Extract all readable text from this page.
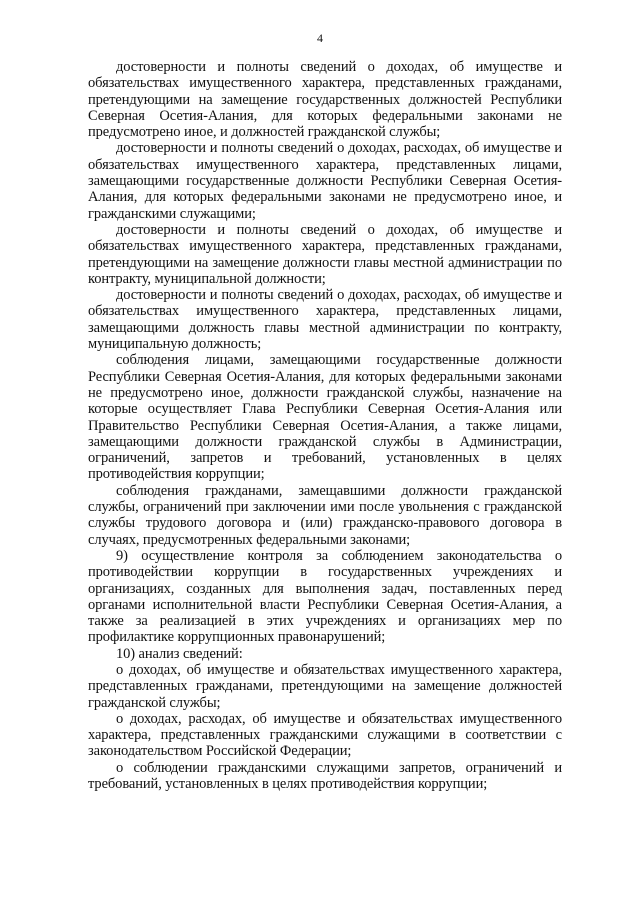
4

достоверности и полноты сведений о доходах, об имуществе и обязательствах имущественного характера, представленных гражданами, претендующими на замещение государственных должностей Республики Северная Осетия-Алания, для которых федеральными законами не предусмотрено иное, и должностей гражданской службы;

достоверности и полноты сведений о доходах, расходах, об имуществе и обязательствах имущественного характера, представленных лицами, замещающими государственные должности Республики Северная Осетия-Алания, для которых федеральными законами не предусмотрено иное, и гражданскими служащими;

достоверности и полноты сведений о доходах, об имуществе и обязательствах имущественного характера, представленных гражданами, претендующими на замещение должности главы местной администрации по контракту, муниципальной должности;

достоверности и полноты сведений о доходах, расходах, об имуществе и обязательствах имущественного характера, представленных лицами, замещающими должность главы местной администрации по контракту, муниципальную должность;

соблюдения лицами, замещающими государственные должности Республики Северная Осетия-Алания, для которых федеральными законами не предусмотрено иное, должности гражданской службы, назначение на которые осуществляет Глава Республики Северная Осетия-Алания или Правительство Республики Северная Осетия-Алания, а также лицами, замещающими должности гражданской службы в Администрации, ограничений, запретов и требований, установленных в целях противодействия коррупции;

соблюдения гражданами, замещавшими должности гражданской службы, ограничений при заключении ими после увольнения с гражданской службы трудового договора и (или) гражданско-правового договора в случаях, предусмотренных федеральными законами;

9) осуществление контроля за соблюдением законодательства о противодействии коррупции в государственных учреждениях и организациях, созданных для выполнения задач, поставленных перед органами исполнительной власти Республики Северная Осетия-Алания, а также за реализацией в этих учреждениях и организациях мер по профилактике коррупционных правонарушений;

10) анализ сведений:

о доходах, об имуществе и обязательствах имущественного характера, представленных гражданами, претендующими на замещение должностей гражданской службы;

о доходах, расходах, об имуществе и обязательствах имущественного характера, представленных гражданскими служащими в соответствии с законодательством Российской Федерации;

о соблюдении гражданскими служащими запретов, ограничений и требований, установленных в целях противодействия коррупции;
